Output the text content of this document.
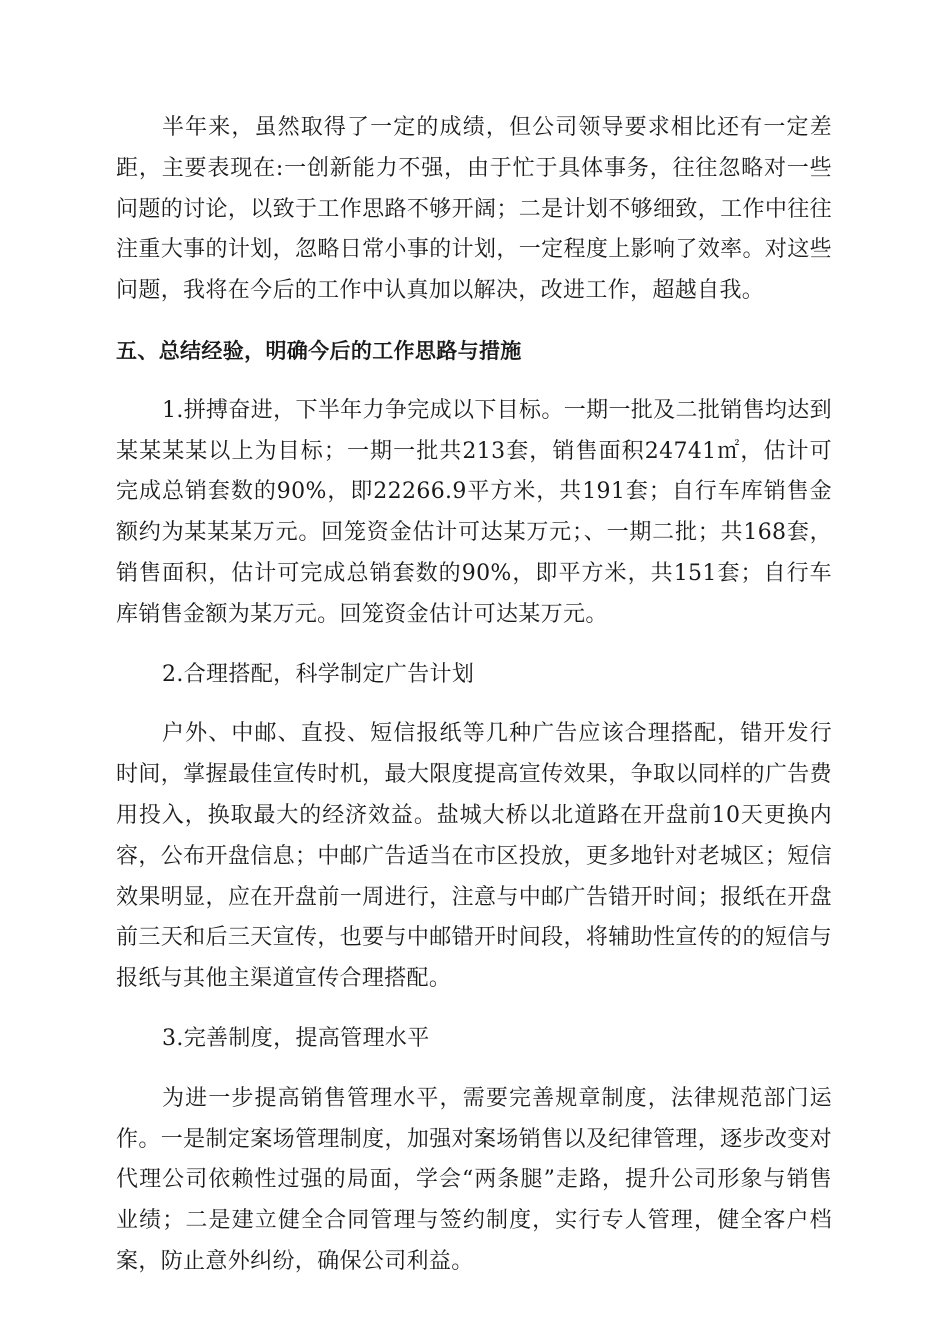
半年来，虽然取得了一定的成绩，但公司领导要求相比还有一定差距，主要表现在:一创新能力不强，由于忙于具体事务，往往忽略对一些问题的讨论，以致于工作思路不够开阔；二是计划不够细致，工作中往往注重大事的计划，忽略日常小事的计划，一定程度上影响了效率。对这些问题，我将在今后的工作中认真加以解决，改进工作，超越自我。

五、总结经验，明确今后的工作思路与措施

1.拼搏奋进，下半年力争完成以下目标。一期一批及二批销售均达到某某某某以上为目标；一期一批共213套，销售面积24741㎡，估计可完成总销套数的90%，即22266.9平方米，共191套；自行车库销售金额约为某某某万元。回笼资金估计可达某万元；、一期二批；共168套，销售面积，估计可完成总销套数的90%，即平方米，共151套；自行车库销售金额为某万元。回笼资金估计可达某万元。

2.合理搭配，科学制定广告计划

户外、中邮、直投、短信报纸等几种广告应该合理搭配，错开发行时间，掌握最佳宣传时机，最大限度提高宣传效果，争取以同样的广告费用投入，换取最大的经济效益。盐城大桥以北道路在开盘前10天更换内容，公布开盘信息；中邮广告适当在市区投放，更多地针对老城区；短信效果明显，应在开盘前一周进行，注意与中邮广告错开时间；报纸在开盘前三天和后三天宣传，也要与中邮错开时间段，将辅助性宣传的的短信与报纸与其他主渠道宣传合理搭配。

3.完善制度，提高管理水平

为进一步提高销售管理水平，需要完善规章制度，法律规范部门运作。一是制定案场管理制度，加强对案场销售以及纪律管理，逐步改变对代理公司依赖性过强的局面，学会“两条腿”走路，提升公司形象与销售业绩；二是建立健全合同管理与签约制度，实行专人管理，健全客户档案，防止意外纠纷，确保公司利益。
